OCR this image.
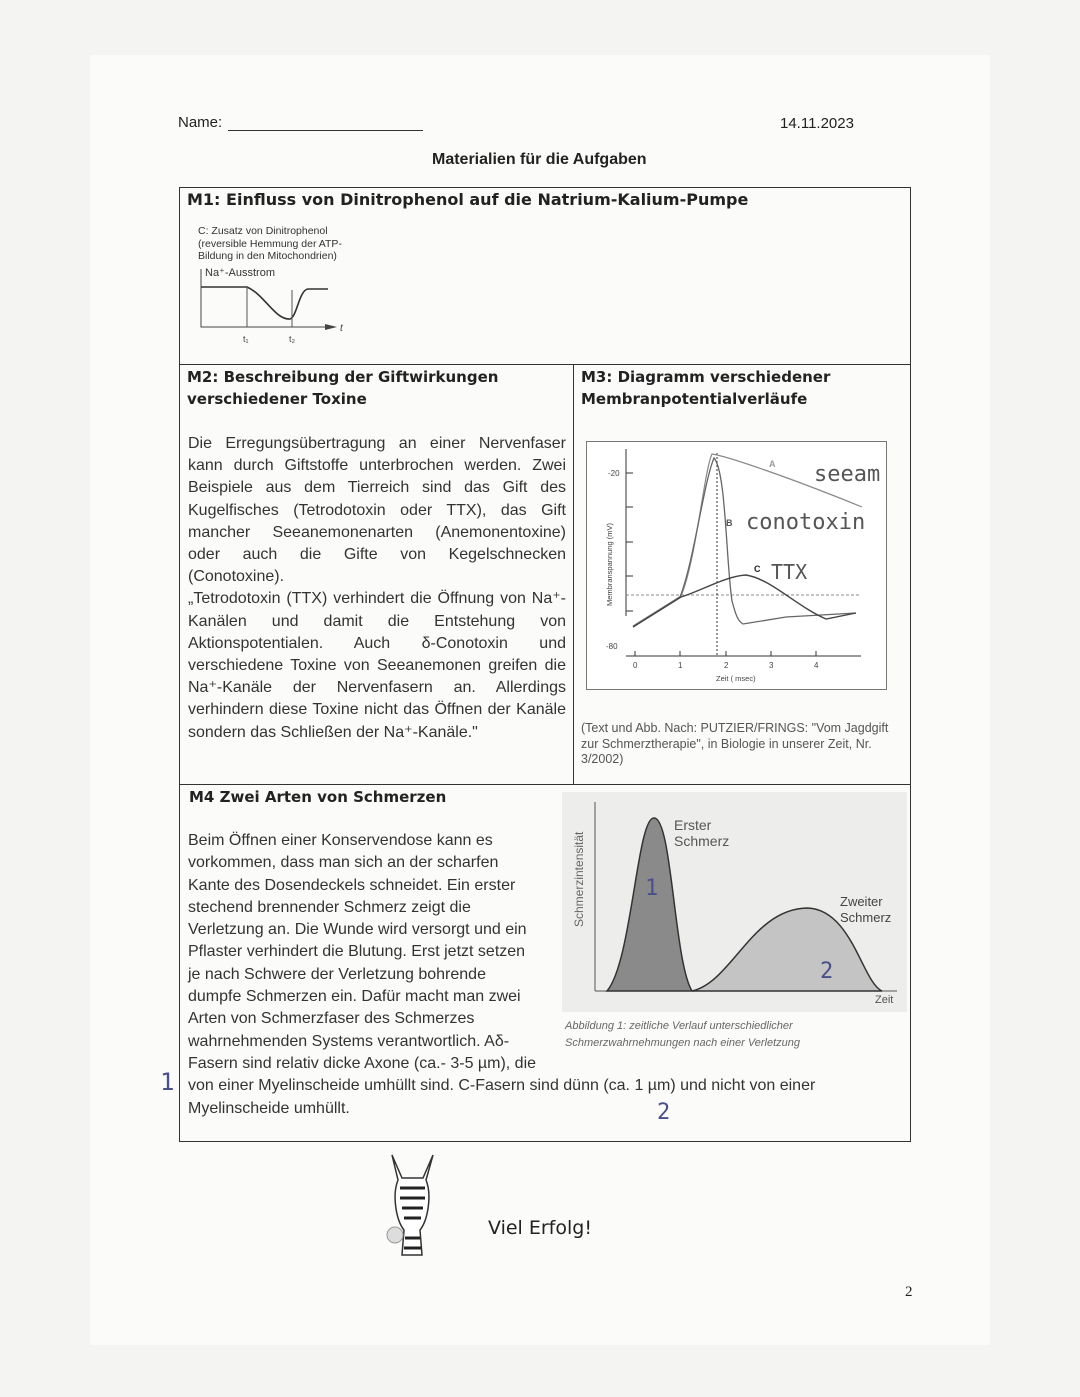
Name:	14.11.2023
Materialien für die Aufgaben
M1: Einfluss von Dinitrophenol auf die Natrium-Kalium-Pumpe
C: Zusatz von Dinitrophenol
(reversible Hemmung der ATP-
Bildung in den Mitochondrien)
Na⁺-Ausstrom
t₁	t₂
t
M2: Beschreibung der Giftwirkungen
verschiedener Toxine

Die Erregungsübertragung an einer Nervenfaser kann durch Giftstoffe unterbrochen werden. Zwei Beispiele aus dem Tierreich sind das Gift des Kugelfisches (Tetrodotoxin oder TTX), das Gift mancher Seeanemonenarten (Anemonentoxine) oder auch die Gifte von Kegelschnecken (Conotoxine).

„Tetrodotoxin (TTX) verhindert die Öffnung von Na⁺-Kanälen und damit die Entstehung von Aktionspotentialen. Auch δ-Conotoxin und verschiedene Toxine von Seeanemonen greifen die Na⁺-Kanäle der Nervenfasern an. Allerdings verhindern diese Toxine nicht das Öffnen der Kanäle sondern das Schließen der Na⁺-Kanäle."

M3: Diagramm verschiedener
Membranpotentialverläufe
-20
-80
0	1	2	3	4
Zeit ( msec)
Membranspannung (mV)
A
B
C
seeam
conotoxin
TTX
(Text und Abb. Nach: PUTZIER/FRINGS: "Vom Jagdgift zur Schmerztherapie", in Biologie in unserer Zeit, Nr. 3/2002)
M4 Zwei Arten von Schmerzen
Beim Öffnen einer Konservendose kann es
vorkommen, dass man sich an der scharfen
Kante des Dosendeckels schneidet. Ein erster
stechend brennender Schmerz zeigt die
Verletzung an. Die Wunde wird versorgt und ein
Pflaster verhindert die Blutung. Erst jetzt setzen
je nach Schwere der Verletzung bohrende
dumpfe Schmerzen ein. Dafür macht man zwei
Arten von Schmerzfaser des Schmerzes
wahrnehmenden Systems verantwortlich. Aδ-
Fasern sind relativ dicke Axone (ca.- 3-5 µm), die
von einer Myelinscheide umhüllt sind. C-Fasern sind dünn (ca. 1 µm) und nicht von einer
Myelinscheide umhüllt.
Schmerzintensität
Zeit
Erster Schmerz
Zweiter Schmerz
1
2
Abbildung 1: zeitliche Verlauf unterschiedlicher
Schmerzwahrnehmungen nach einer Verletzung
1
2
Viel Erfolg!
2
